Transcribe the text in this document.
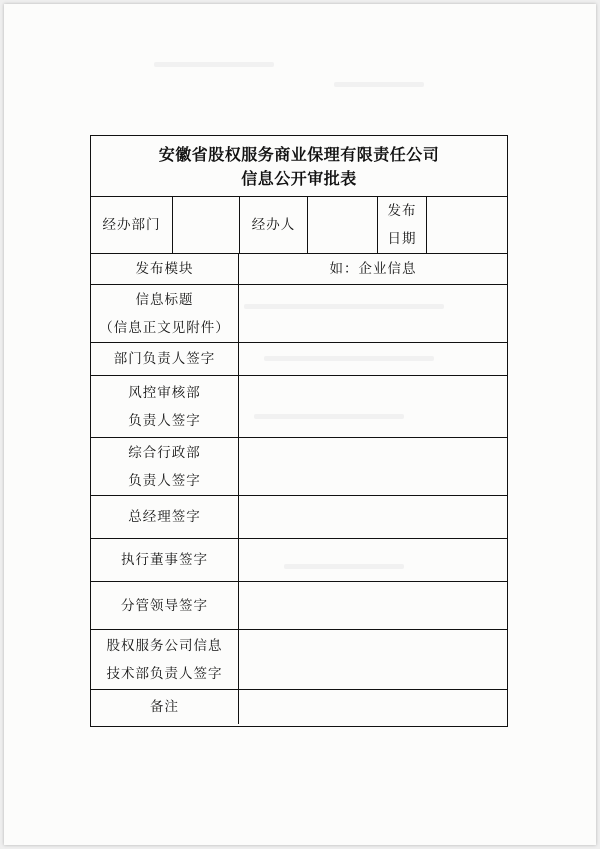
安徽省股权服务商业保理有限责任公司
信息公开审批表
经办部门	经办人
发布
日期
发布模块	如：企业信息
信息标题
（信息正文见附件）
部门负责人签字
风控审核部
负责人签字
综合行政部
负责人签字
总经理签字
执行董事签字
分管领导签字
股权服务公司信息
技术部负责人签字
备注
